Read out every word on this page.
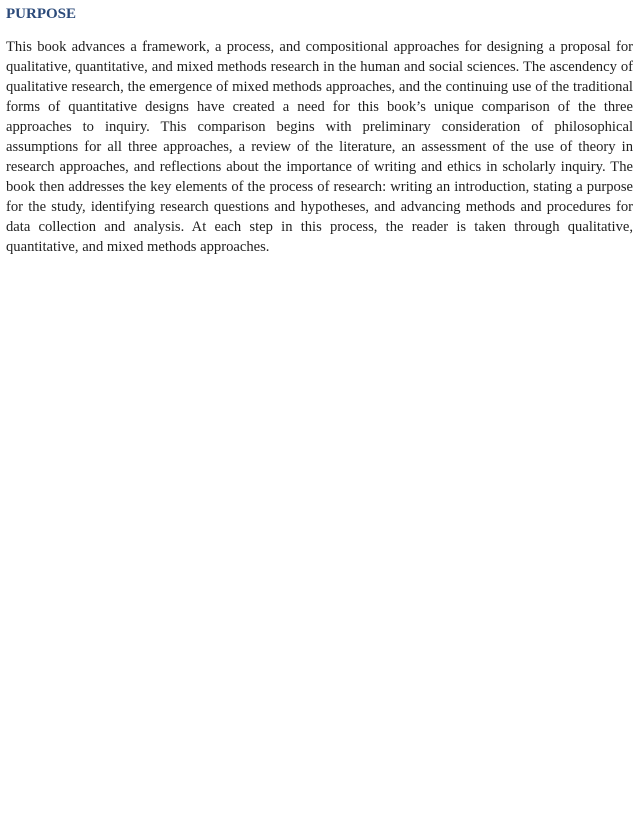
PURPOSE

This book advances a framework, a process, and compositional approaches for designing a proposal for qualitative, quantitative, and mixed methods research in the human and social sciences. The ascendency of qualitative research, the emergence of mixed methods approaches, and the continuing use of the traditional forms of quantitative designs have created a need for this book’s unique comparison of the three approaches to inquiry. This comparison begins with preliminary consideration of philosophical assumptions for all three approaches, a review of the literature, an assessment of the use of theory in research approaches, and reflections about the importance of writing and ethics in scholarly inquiry. The book then addresses the key elements of the process of research: writing an introduction, stating a purpose for the study, identifying research questions and hypotheses, and advancing methods and procedures for data collection and analysis. At each step in this process, the reader is taken through qualitative, quantitative, and mixed methods approaches.
